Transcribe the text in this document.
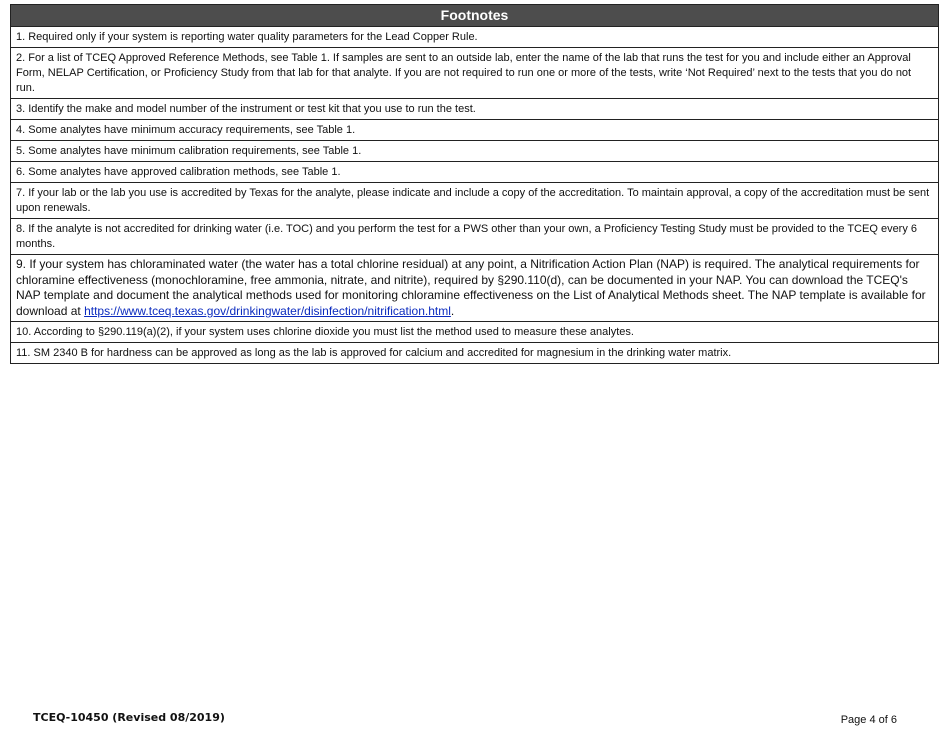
Footnotes
1. Required only if your system is reporting water quality parameters for the Lead Copper Rule.
2. For a list of TCEQ Approved Reference Methods, see Table 1. If samples are sent to an outside lab, enter the name of the lab that runs the test for you and include either an Approval Form, NELAP Certification, or Proficiency Study from that lab for that analyte. If you are not required to run one or more of the tests, write ‘Not Required’ next to the tests that you do not run.
3. Identify the make and model number of the instrument or test kit that you use to run the test.
4. Some analytes have minimum accuracy requirements, see Table 1.
5. Some analytes have minimum calibration requirements, see Table 1.
6. Some analytes have approved calibration methods, see Table 1.
7. If your lab or the lab you use is accredited by Texas for the analyte, please indicate and include a copy of the accreditation. To maintain approval, a copy of the accreditation must be sent upon renewals.
8. If the analyte is not accredited for drinking water (i.e. TOC) and you perform the test for a PWS other than your own, a Proficiency Testing Study must be provided to the TCEQ every 6 months.
9. If your system has chloraminated water (the water has a total chlorine residual) at any point, a Nitrification Action Plan (NAP) is required. The analytical requirements for chloramine effectiveness (monochloramine, free ammonia, nitrate, and nitrite), required by §290.110(d), can be documented in your NAP. You can download the TCEQ's NAP template and document the analytical methods used for monitoring chloramine effectiveness on the List of Analytical Methods sheet. The NAP template is available for download at https://www.tceq.texas.gov/drinkingwater/disinfection/nitrification.html.
10. According to §290.119(a)(2), if your system uses chlorine dioxide you must list the method used to measure these analytes.
11. SM 2340 B for hardness can be approved as long as the lab is approved for calcium and accredited for magnesium in the drinking water matrix.
TCEQ-10450 (Revised 08/2019)	Page 4 of 6
